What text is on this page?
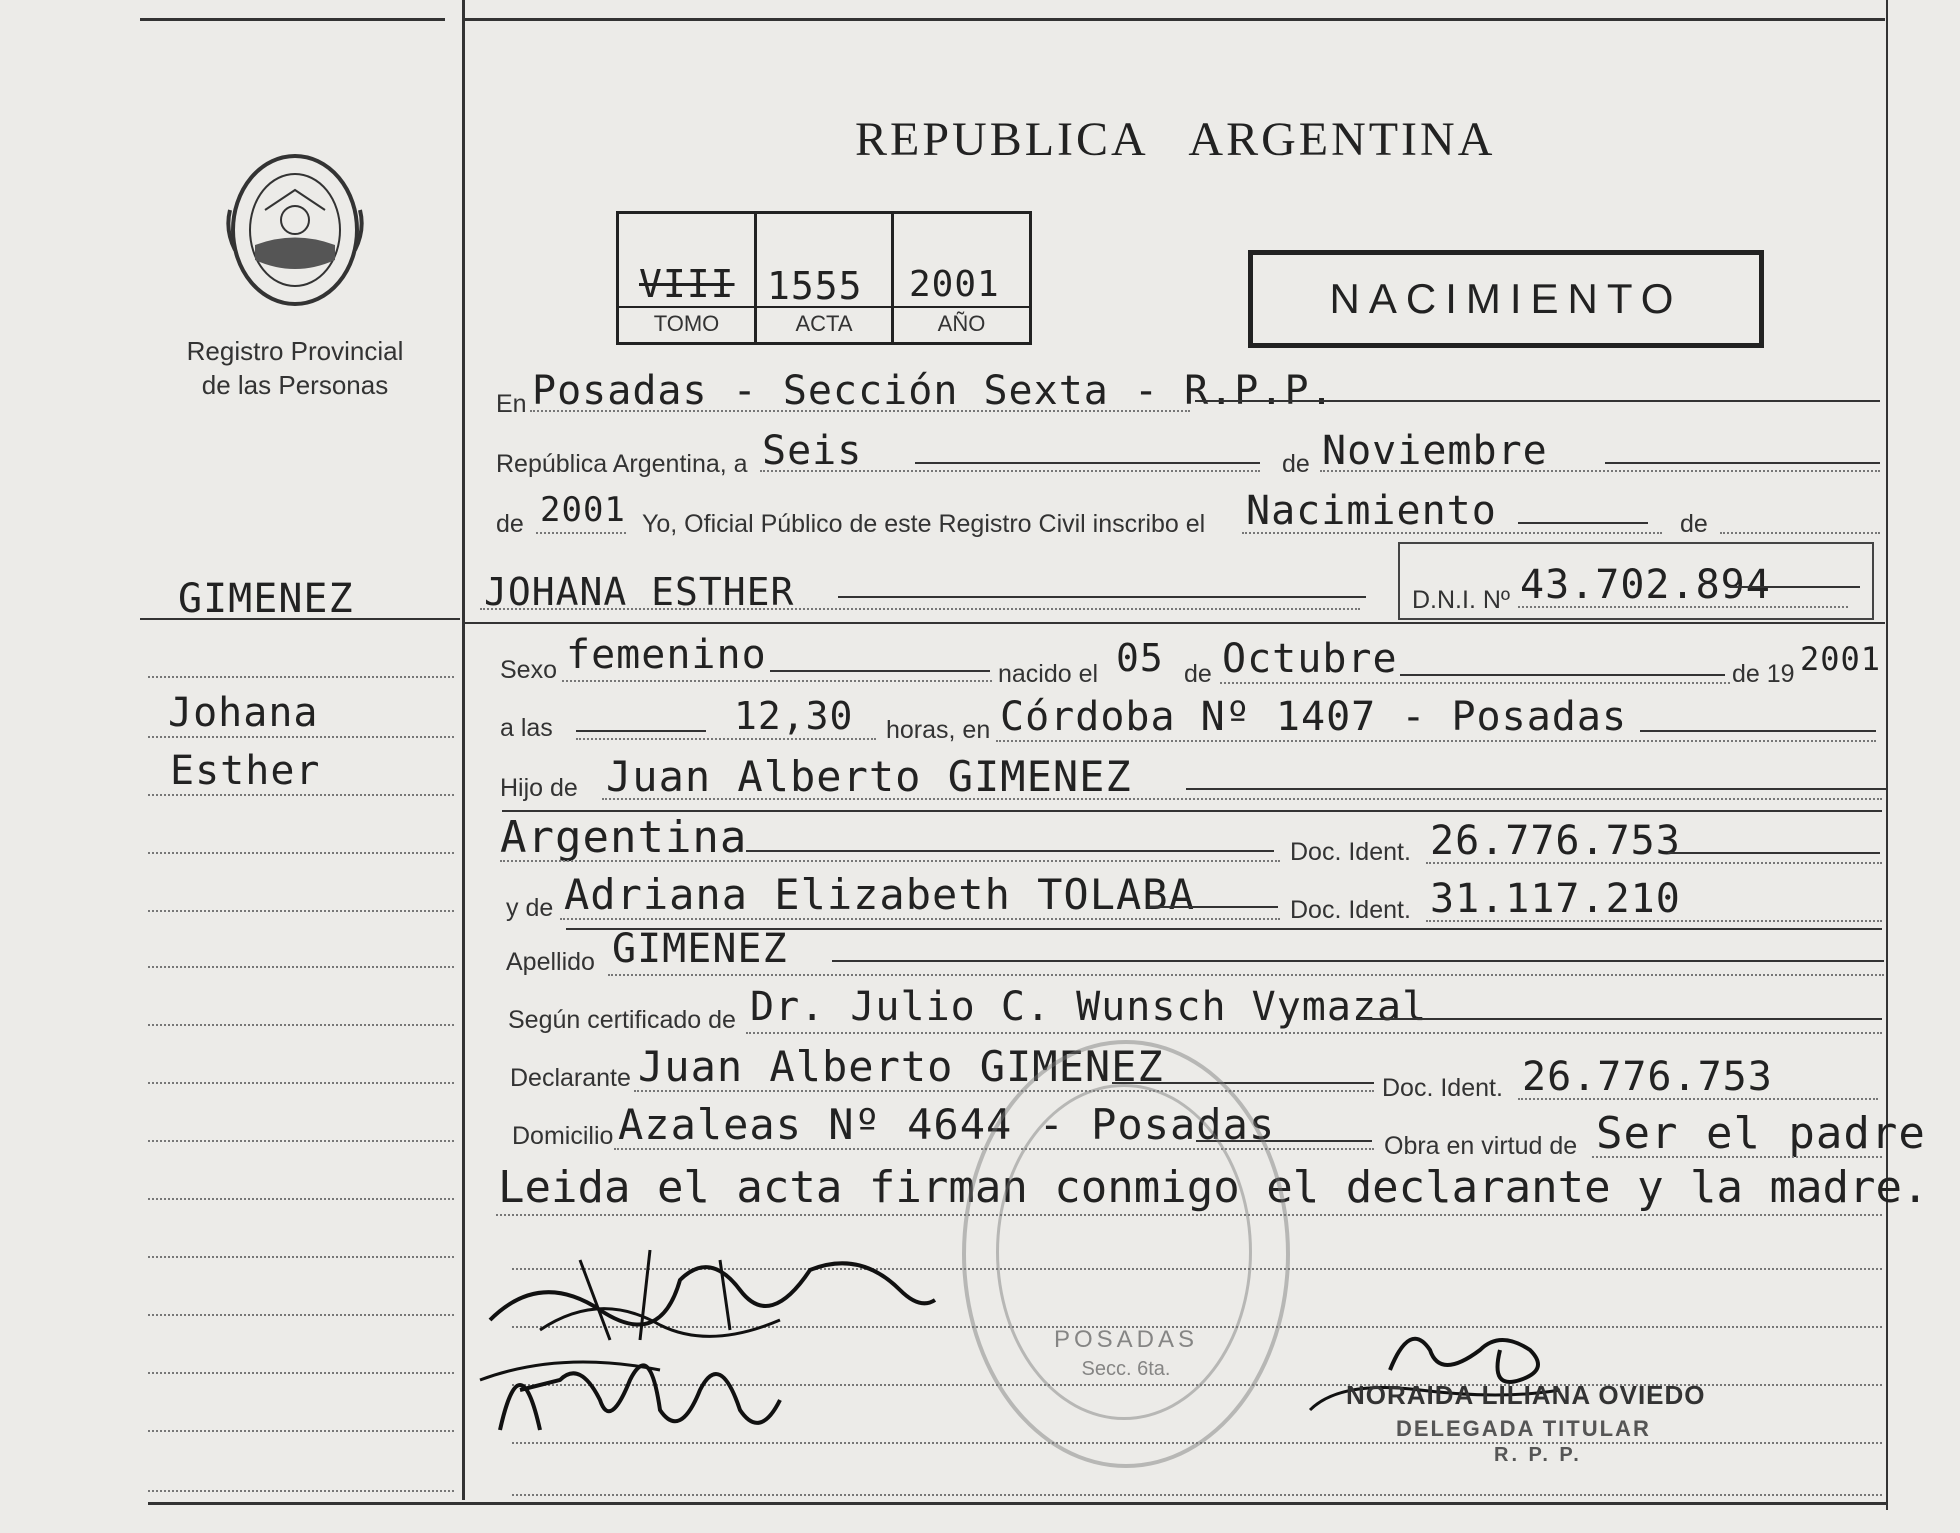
Registro Provincial
de las Personas
REPUBLICA   ARGENTINA
VIII 1555 2001
TOMO	ACTA	AÑO
NACIMIENTO
En Posadas - Sección Sexta - R.P.P.
República Argentina, a Seis	de Noviembre
de 2001 Yo, Oficial Público de este Registro Civil inscribo el Nacimiento	de
GIMENEZ	JOHANA ESTHER	D.N.I. Nº 43.702.894
Johana
Esther
Sexo femenino	nacido el 05 de Octubre	de 19 2001
a las	12,30 horas, en Córdoba Nº 1407 - Posadas
Hijo de Juan Alberto GIMENEZ
Argentina	Doc. Ident. 26.776.753
y de Adriana Elizabeth TOLABA	Doc. Ident. 31.117.210
Apellido GIMENEZ
Según certificado de Dr. Julio C. Wunsch Vymazal
Declarante Juan Alberto GIMENEZ	Doc. Ident. 26.776.753
Domicilio Azaleas Nº 4644 - Posadas	Obra en virtud de Ser el padre
Leida el acta firman conmigo el declarante y la madre.
POSADAS
Secc. 6ta.
NORAIDA LILIANA OVIEDO
DELEGADA TITULAR
R. P. P.
